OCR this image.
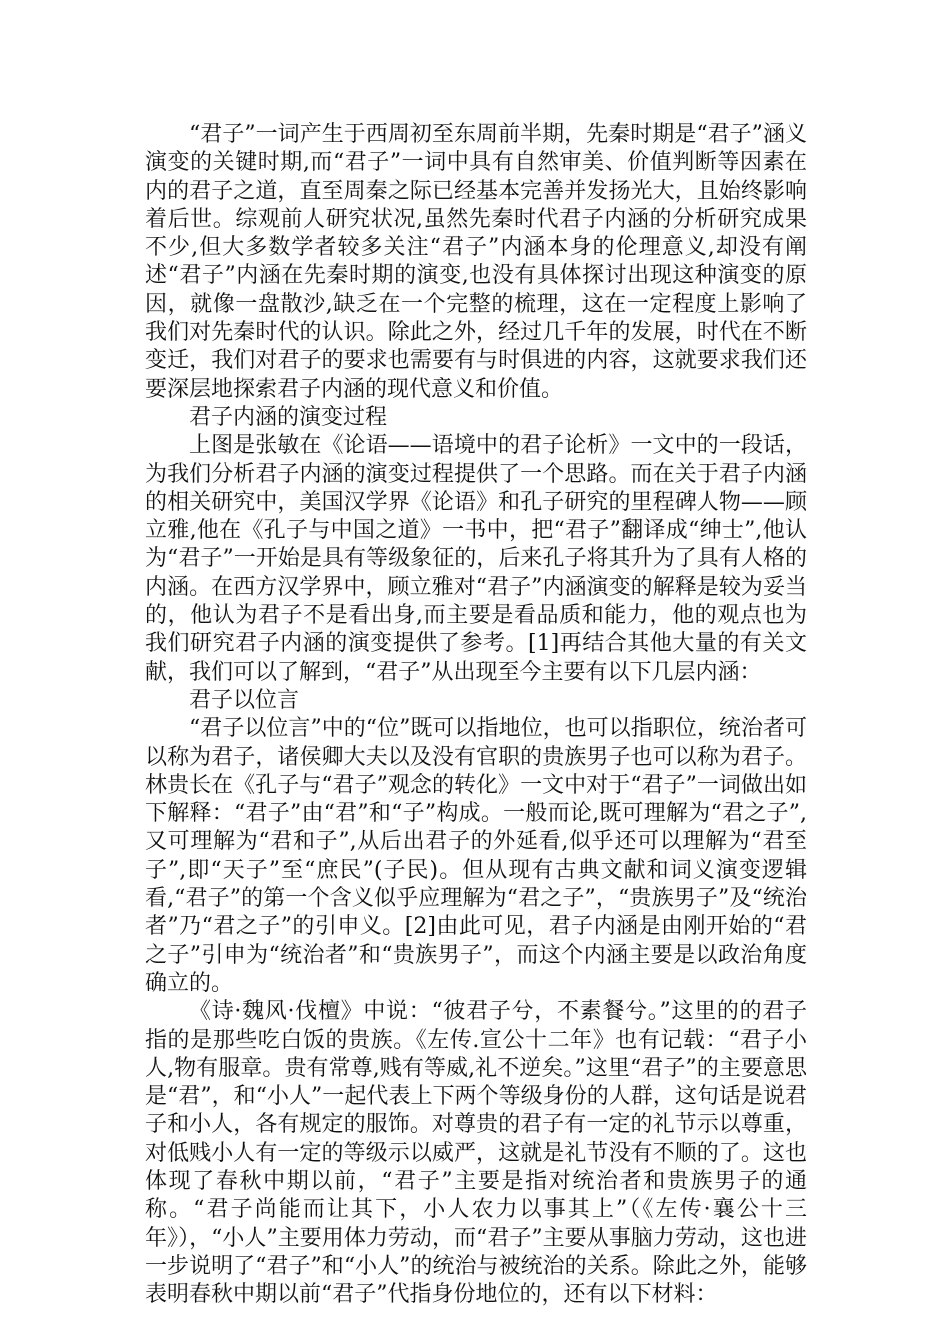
“君子”一词产生于西周初至东周前半期，先秦时期是“君子”涵义演变的关键时期,而“君子”一词中具有自然审美、价值判断等因素在内的君子之道，直至周秦之际已经基本完善并发扬光大，且始终影响着后世。综观前人研究状况,虽然先秦时代君子内涵的分析研究成果不少,但大多数学者较多关注“君子”内涵本身的伦理意义,却没有阐述“君子”内涵在先秦时期的演变,也没有具体探讨出现这种演变的原因，就像一盘散沙,缺乏在一个完整的梳理，这在一定程度上影响了我们对先秦时代的认识。除此之外，经过几千年的发展，时代在不断变迁，我们对君子的要求也需要有与时俱进的内容，这就要求我们还要深层地探索君子内涵的现代意义和价值。

君子内涵的演变过程

上图是张敏在《论语——语境中的君子论析》一文中的一段话，为我们分析君子内涵的演变过程提供了一个思路。而在关于君子内涵的相关研究中，美国汉学界《论语》和孔子研究的里程碑人物——顾立雅,他在《孔子与中国之道》一书中，把“君子”翻译成“绅士”,他认为“君子”一开始是具有等级象征的，后来孔子将其升为了具有人格的内涵。在西方汉学界中，顾立雅对“君子”内涵演变的解释是较为妥当的，他认为君子不是看出身,而主要是看品质和能力，他的观点也为我们研究君子内涵的演变提供了参考。[1]再结合其他大量的有关文献，我们可以了解到，“君子”从出现至今主要有以下几层内涵：

君子以位言

“君子以位言”中的“位”既可以指地位，也可以指职位，统治者可以称为君子，诸侯卿大夫以及没有官职的贵族男子也可以称为君子。林贵长在《孔子与“君子”观念的转化》一文中对于“君子”一词做出如下解释：“君子”由“君”和“子”构成。一般而论,既可理解为“君之子”,又可理解为“君和子”,从后出君子的外延看,似乎还可以理解为“君至子”,即“天子”至“庶民”(子民)。但从现有古典文献和词义演变逻辑看,“君子”的第一个含义似乎应理解为“君之子”，“贵族男子”及“统治者”乃“君之子”的引申义。[2]由此可见，君子内涵是由刚开始的“君之子”引申为“统治者”和“贵族男子”，而这个内涵主要是以政治角度确立的。

《诗·魏风·伐檀》中说：“彼君子兮，不素餐兮。”这里的的君子指的是那些吃白饭的贵族。《左传.宣公十二年》也有记载：“君子小人,物有服章。贵有常尊,贱有等威,礼不逆矣。”这里“君子”的主要意思是“君”，和“小人”一起代表上下两个等级身份的人群，这句话是说君子和小人，各有规定的服饰。对尊贵的君子有一定的礼节示以尊重，对低贱小人有一定的等级示以威严，这就是礼节没有不顺的了。这也体现了春秋中期以前，“君子”主要是指对统治者和贵族男子的通称。“君子尚能而让其下，小人农力以事其上”（《左传·襄公十三年》），“小人”主要用体力劳动，而“君子”主要从事脑力劳动，这也进一步说明了“君子”和“小人”的统治与被统治的关系。除此之外，能够表明春秋中期以前“君子”代指身份地位的，还有以下材料：
